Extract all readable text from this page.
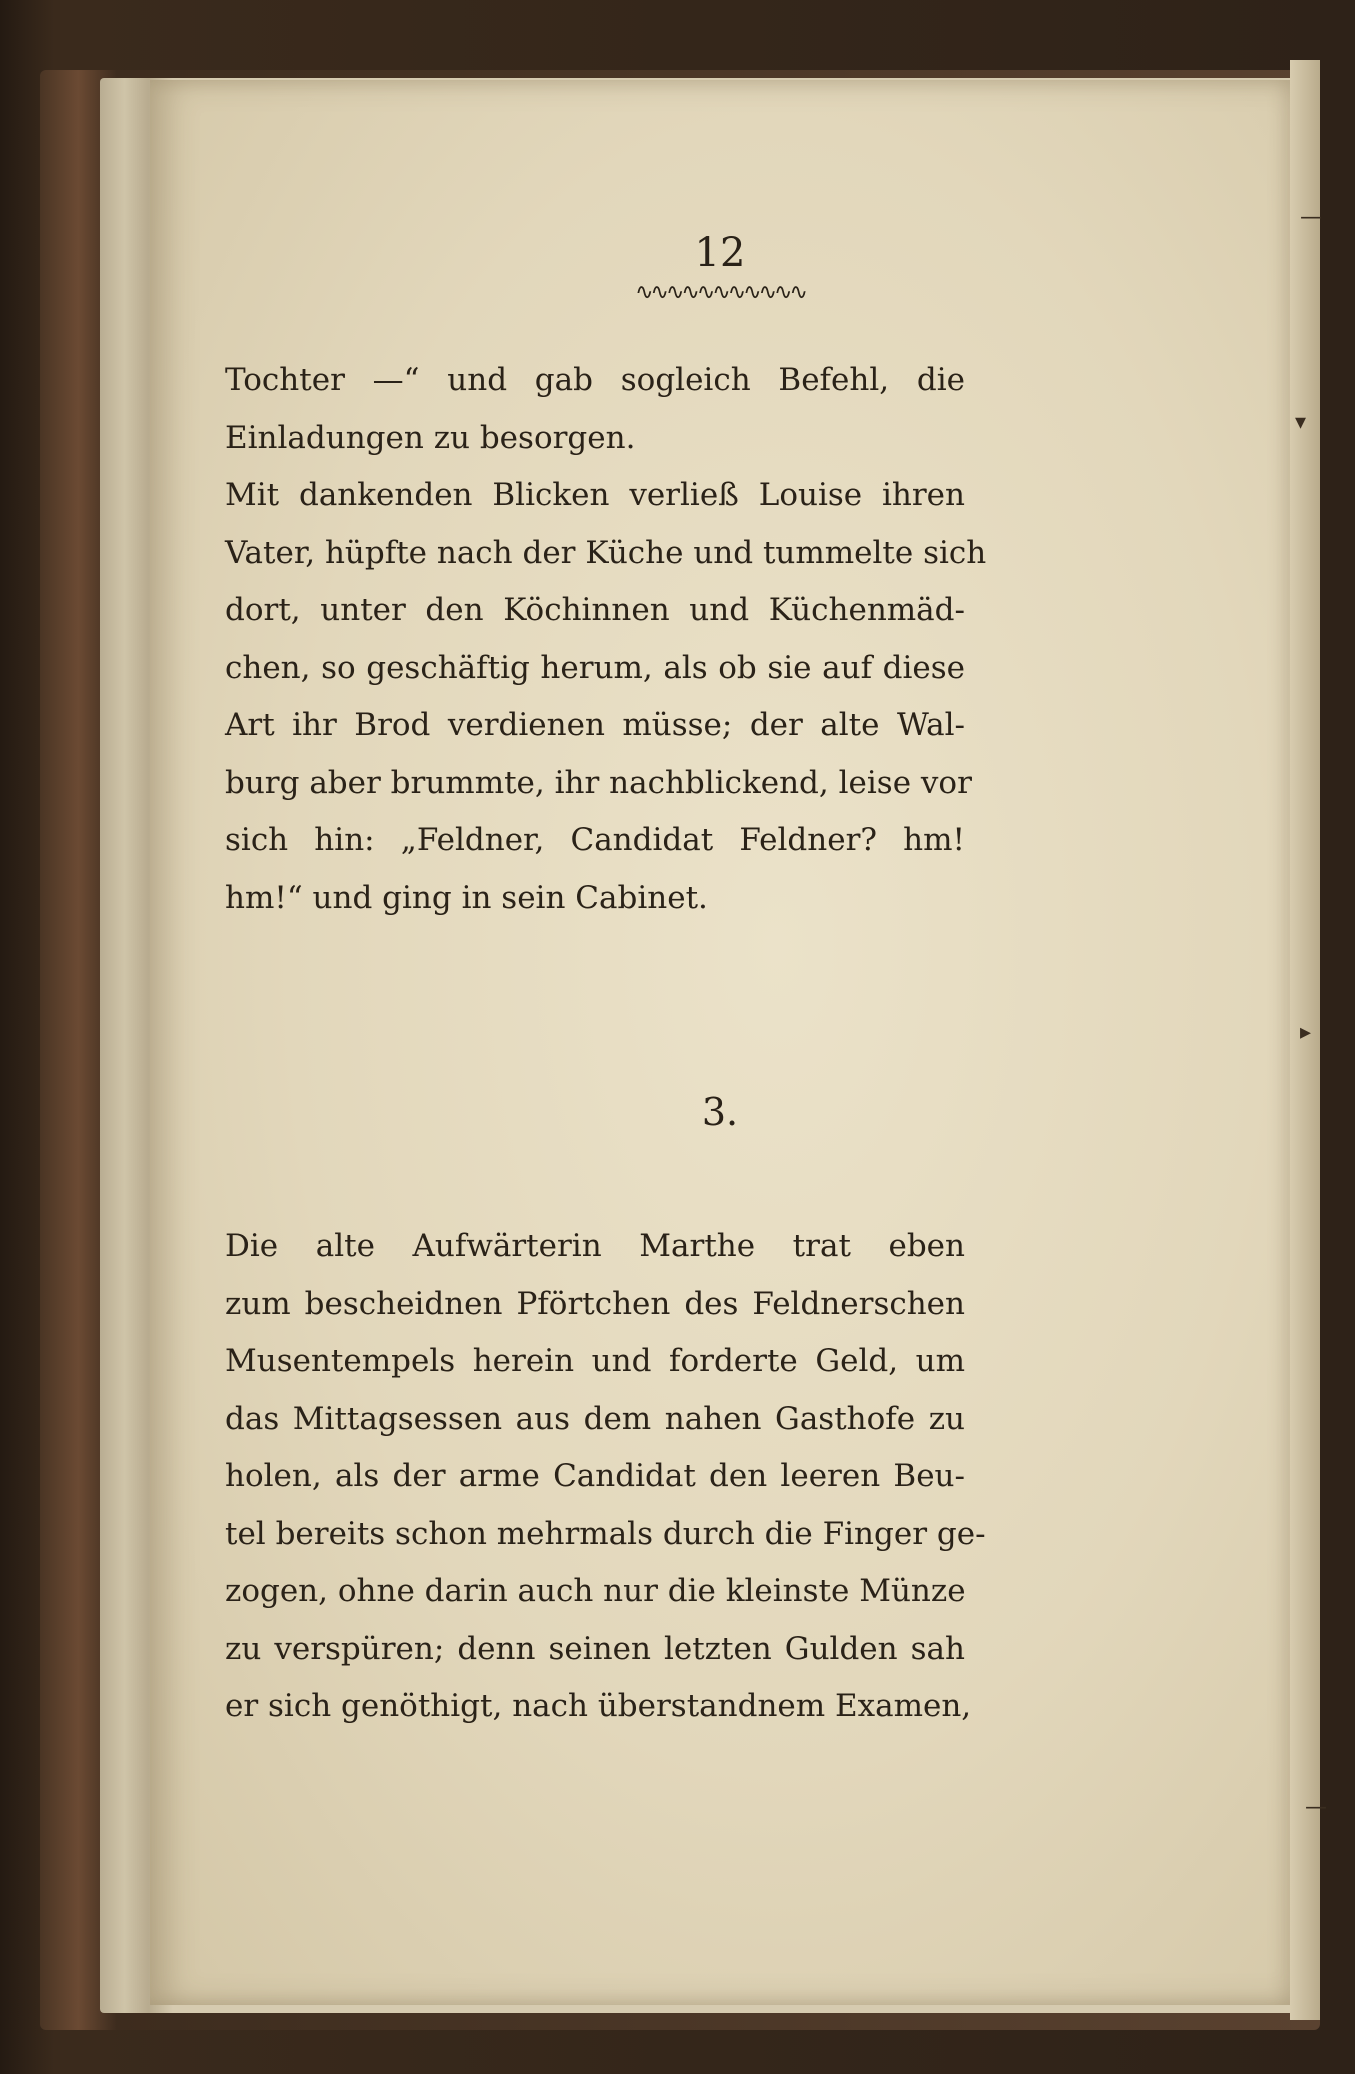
12
∿∿∿∿∿∿∿∿∿∿∿
Tochter —“ und gab sogleich Befehl, die
Einladungen zu besorgen.
Mit dankenden Blicken verließ Louise ihren
Vater, hüpfte nach der Küche und tummelte sich
dort, unter den Köchinnen und Küchenmäd-
chen, so geschäftig herum, als ob sie auf diese
Art ihr Brod verdienen müsse; der alte Wal-
burg aber brummte, ihr nachblickend, leise vor
sich hin: „Feldner, Candidat Feldner? hm!
hm!“ und ging in sein Cabinet.
3.
Die alte Aufwärterin Marthe trat eben
zum bescheidnen Pförtchen des Feldnerschen
Musentempels herein und forderte Geld, um
das Mittagsessen aus dem nahen Gasthofe zu
holen, als der arme Candidat den leeren Beu-
tel bereits schon mehrmals durch die Finger ge-
zogen, ohne darin auch nur die kleinste Münze
zu verspüren; denn seinen letzten Gulden sah
er sich genöthigt, nach überstandnem Examen,
—
▾
▸
—
